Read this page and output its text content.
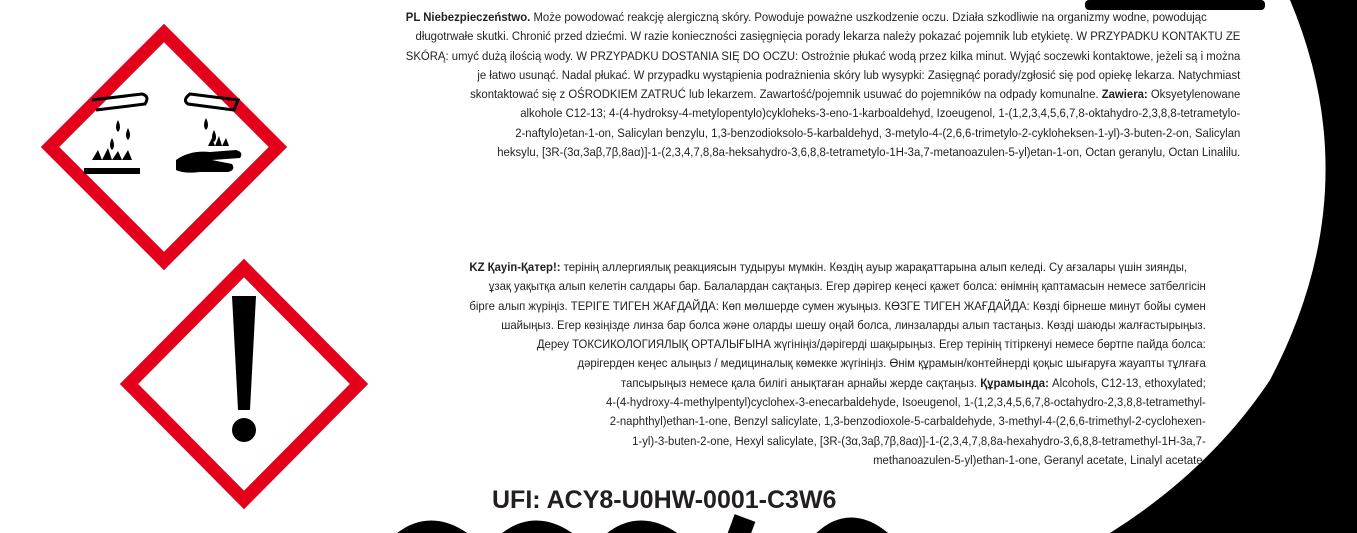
PL Niebezpieczeństwo. Może powodować reakcję alergiczną skóry. Powoduje poważne uszkodzenie oczu. Działa szkodliwie na organizmy wodne, powodując
długotrwałe skutki. Chronić przed dziećmi. W razie konieczności zasięgnięcia porady lekarza należy pokazać pojemnik lub etykietę. W PRZYPADKU KONTAKTU ZE
SKÓRĄ: umyć dużą ilością wody. W PRZYPADKU DOSTANIA SIĘ DO OCZU: Ostrożnie płukać wodą przez kilka minut. Wyjąć soczewki kontaktowe, jeżeli są i można
je łatwo usunąć. Nadal płukać. W przypadku wystąpienia podrażnienia skóry lub wysypki: Zasięgnąć porady/zgłosić się pod opiekę lekarza. Natychmiast
skontaktować się z OŚRODKIEM ZATRUĆ lub lekarzem. Zawartość/pojemnik usuwać do pojemników na odpady komunalne. Zawiera: Oksyetylenowane
alkohole C12-13; 4-(4-hydroksy-4-metylopentylo)cykloheks-3-eno-1-karboaldehyd, Izoeugenol, 1-(1,2,3,4,5,6,7,8-oktahydro-2,3,8,8-tetrametylo-
2-naftylo)etan-1-on, Salicylan benzylu, 1,3-benzodioksolo-5-karbaldehyd, 3-metylo-4-(2,6,6-trimetylo-2-cykloheksen-1-yl)-3-buten-2-on, Salicylan
heksylu, [3R-(3α,3aβ,7β,8aα)]-1-(2,3,4,7,8,8a-heksahydro-3,6,8,8-tetrametylo-1H-3a,7-metanoazulen-5-yl)etan-1-on, Octan geranylu, Octan Linalilu.
KZ Қауіп-Қатер!: терінің аллергиялық реакциясын тудыруы мүмкін. Көздің ауыр жарақаттарына алып келеді. Су ағзалары үшін зиянды,
ұзақ уақытқа алып келетін салдары бар. Балалардан сақтаңыз. Егер дәрігер кеңесі қажет болса: өнімнің қаптамасын немесе затбелгісін
бірге алып жүріңіз. ТЕРІГЕ ТИГЕН ЖАҒДАЙДА: Көп мөлшерде сумен жуыңыз. КӨЗГЕ ТИГЕН ЖАҒДАЙДА: Көзді бірнеше минут бойы сумен
шайыңыз. Егер көзіңізде линза бар болса және оларды шешу оңай болса, линзаларды алып тастаңыз. Көзді шаюды жалғастырыңыз.
Дереу ТОКСИКОЛОГИЯЛЫҚ ОРТАЛЫҒЫНА жүгініңіз/дәрігерді шақырыңыз. Егер терінің тітіркенуі немесе бөртпе пайда болса:
дәрігерден кеңес алыңыз / медициналық көмекке жүгініңіз. Өнім құрамын/контейнерді қоқыс шығаруға жауапты тұлғаға
тапсырыңыз немесе қала билігі анықтаған арнайы жерде сақтаңыз. Құрамында: Alcohols, C12-13, ethoxylated;
4-(4-hydroxy-4-methylpentyl)cyclohex-3-enecarbaldehyde, Isoeugenol, 1-(1,2,3,4,5,6,7,8-octahydro-2,3,8,8-tetramethyl-
2-naphthyl)ethan-1-one, Benzyl salicylate, 1,3-benzodioxole-5-carbaldehyde, 3-methyl-4-(2,6,6-trimethyl-2-cyclohexen-
1-yl)-3-buten-2-one, Hexyl salicylate, [3R-(3α,3aβ,7β,8aα)]-1-(2,3,4,7,8,8a-hexahydro-3,6,8,8-tetramethyl-1H-3a,7-
methanoazulen-5-yl)ethan-1-one, Geranyl acetate, Linalyl acetate.
UFI: ACY8-U0HW-0001-C3W6
